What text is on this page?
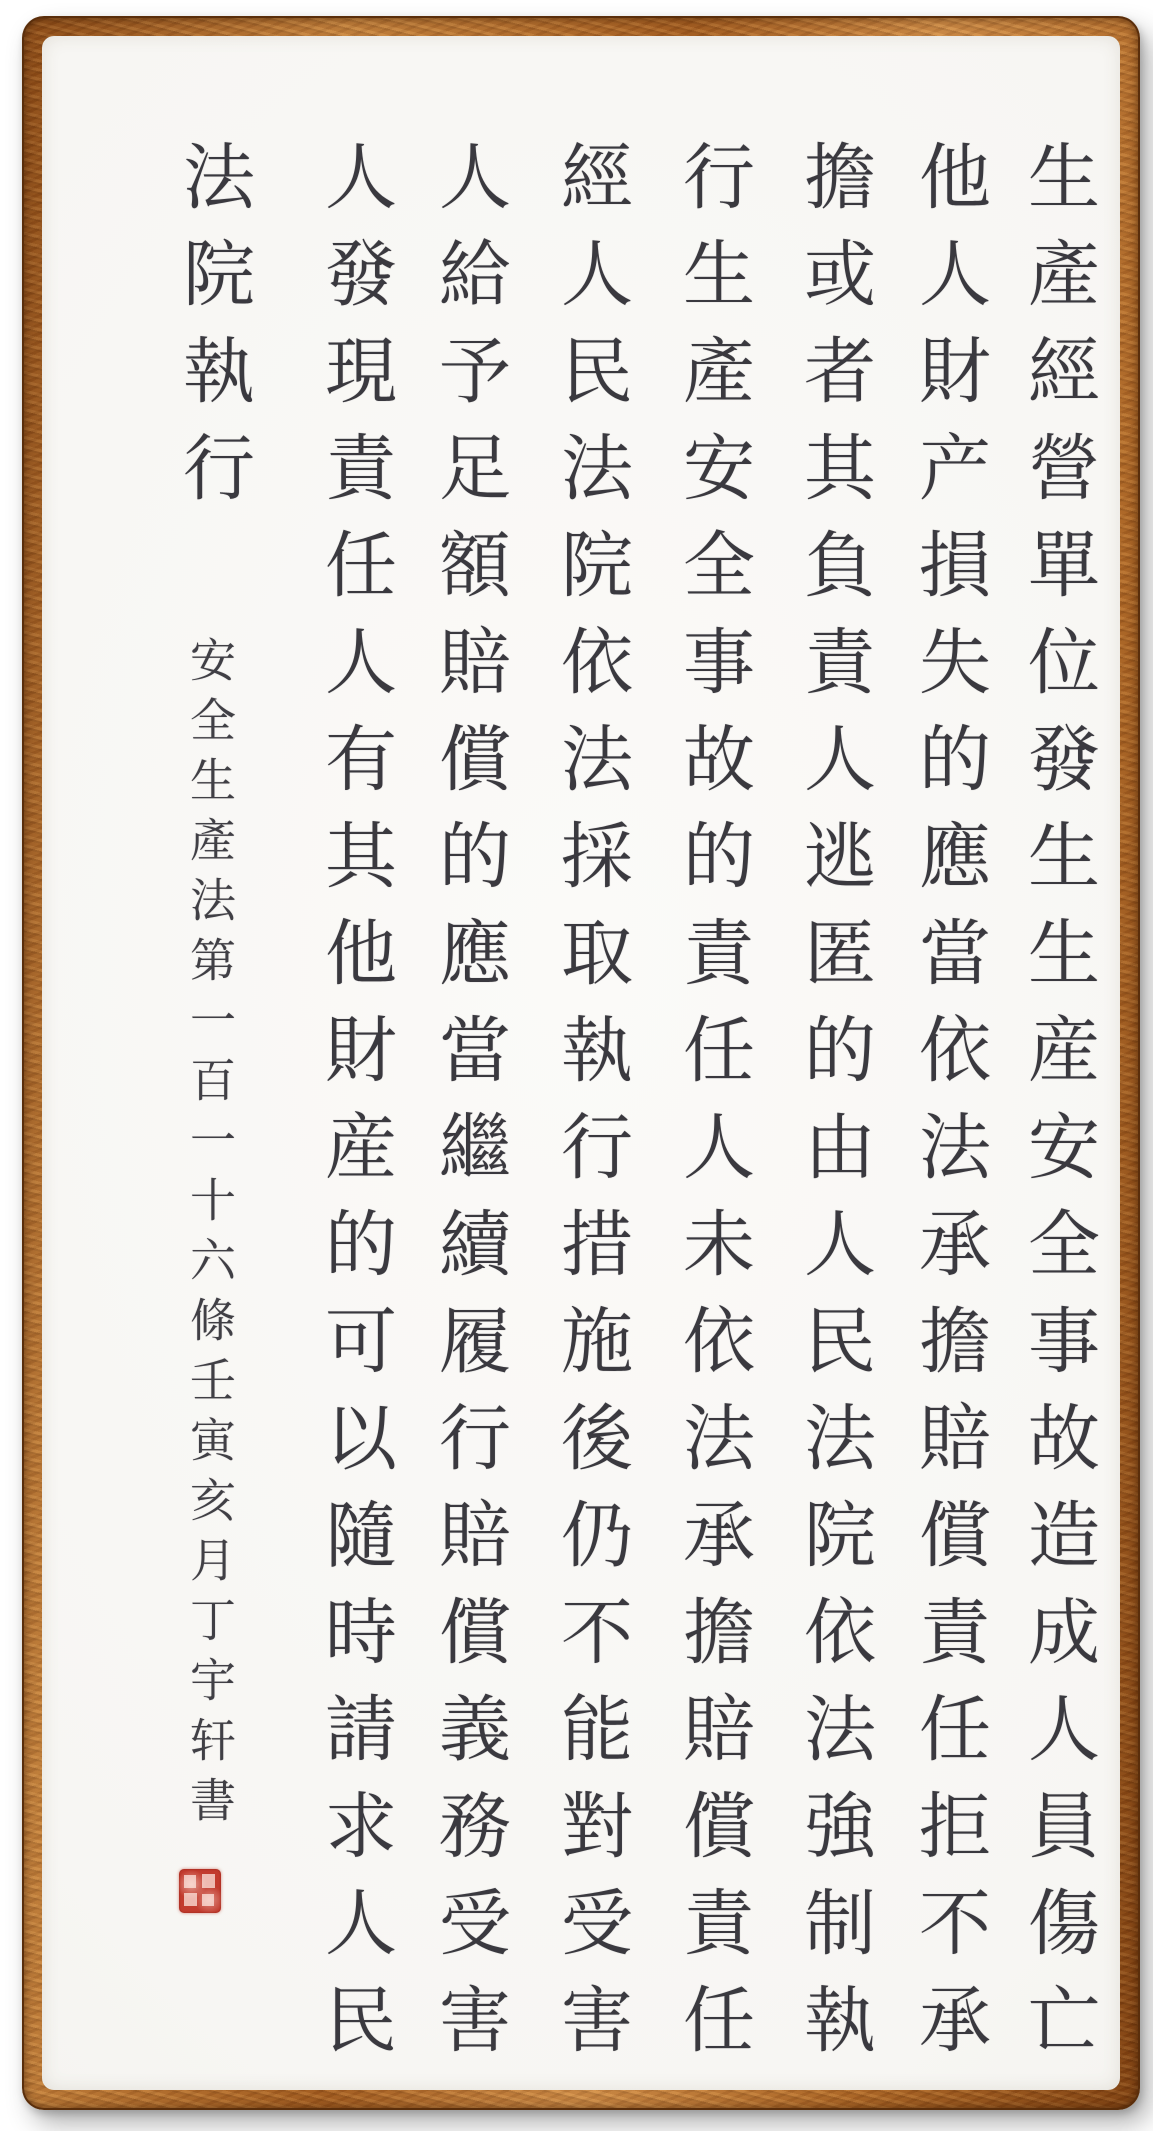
生產經營單位發生生産安全事故造成人員傷亡
他人財产損失的應當依法承擔賠償責任拒不承
擔或者其負責人逃匿的由人民法院依法強制執
行生產安全事故的責任人未依法承擔賠償責任
經人民法院依法採取執行措施後仍不能對受害
人給予足額賠償的應當繼續履行賠償義務受害
人發現責任人有其他財産的可以隨時請求人民
法院執行
安全生產法第一百一十六條壬寅亥月丁宇轩書
